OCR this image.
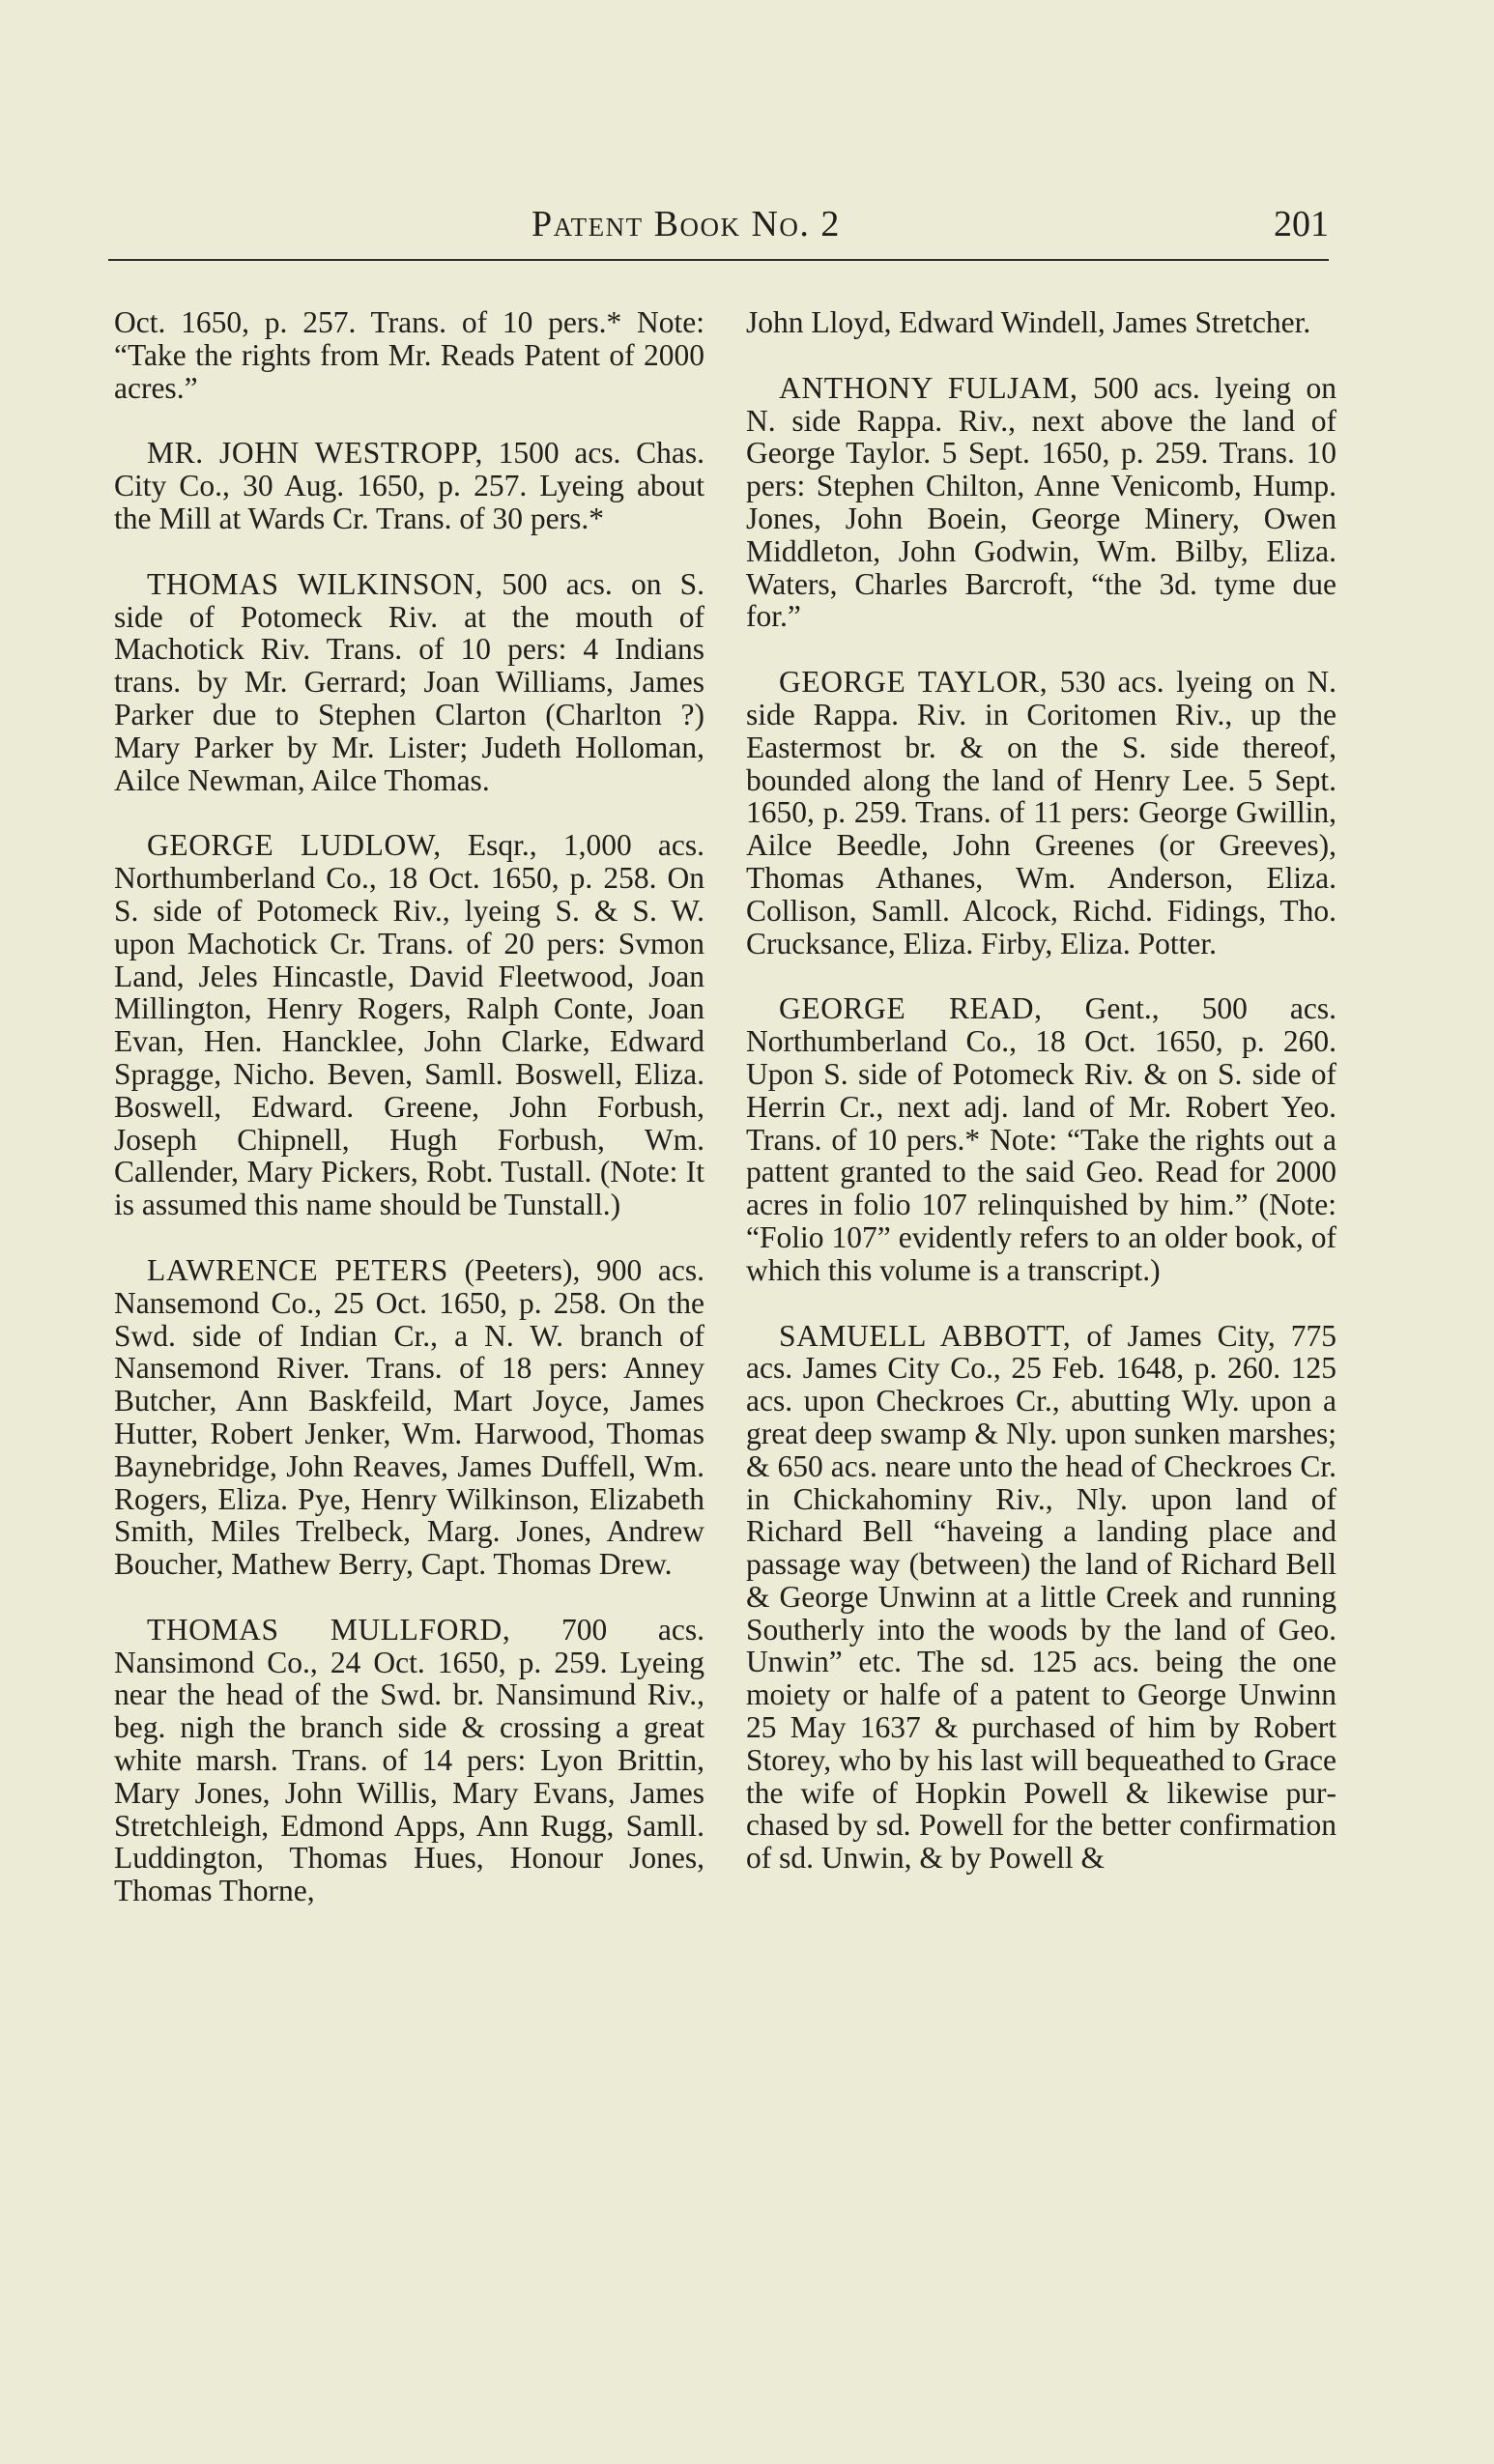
Patent Book No. 2	201

Oct. 1650, p. 257. Trans. of 10 pers.* Note: “Take the rights from Mr. Reads Patent of 2000 acres.”

MR. JOHN WESTROPP, 1500 acs. Chas. City Co., 30 Aug. 1650, p. 257. Lyeing about the Mill at Wards Cr. Trans. of 30 pers.*

THOMAS WILKINSON, 500 acs. on S. side of Potomeck Riv. at the mouth of Machotick Riv. Trans. of 10 pers: 4 Indians trans. by Mr. Gerrard; Joan Williams, James Parker due to Stephen Clarton (Charlton ?) Mary Parker by Mr. Lister; Judeth Holloman, Ailce Newman, Ailce Thomas.

GEORGE LUDLOW, Esqr., 1,000 acs. Northumberland Co., 18 Oct. 1650, p. 258. On S. side of Potomeck Riv., lyeing S. & S. W. upon Machotick Cr. Trans. of 20 pers: Svmon Land, Jeles Hincastle, David Fleetwood, Joan Millington, Henry Rogers, Ralph Conte, Joan Evan, Hen. Hancklee, John Clarke, Edward Spragge, Nicho. Beven, Samll. Boswell, Eliza. Boswell, Edward. Greene, John Forbush, Joseph Chipnell, Hugh Forbush, Wm. Callender, Mary Pickers, Robt. Tustall. (Note: It is assumed this name should be Tunstall.)

LAWRENCE PETERS (Peeters), 900 acs. Nansemond Co., 25 Oct. 1650, p. 258. On the Swd. side of Indian Cr., a N. W. branch of Nansemond River. Trans. of 18 pers: Anney Butcher, Ann Baskfeild, Mart Joyce, James Hutter, Robert Jenker, Wm. Harwood, Thomas Baynebridge, John Reaves, James Duffell, Wm. Rogers, Eliza. Pye, Henry Wilkinson, Elizabeth Smith, Miles Trelbeck, Marg. Jones, Andrew Boucher, Mathew Berry, Capt. Thomas Drew.

THOMAS MULLFORD, 700 acs. Nansimond Co., 24 Oct. 1650, p. 259. Lyeing near the head of the Swd. br. Nansimund Riv., beg. nigh the branch side & crossing a great white marsh. Trans. of 14 pers: Lyon Brittin, Mary Jones, John Willis, Mary Evans, James Stretchleigh, Edmond Apps, Ann Rugg, Samll. Luddington, Thomas Hues, Honour Jones, Thomas Thorne,

John Lloyd, Edward Windell, James Stretcher.

ANTHONY FULJAM, 500 acs. lyeing on N. side Rappa. Riv., next above the land of George Taylor. 5 Sept. 1650, p. 259. Trans. 10 pers: Stephen Chilton, Anne Venicomb, Hump. Jones, John Boein, George Minery, Owen Middleton, John Godwin, Wm. Bilby, Eliza. Waters, Charles Barcroft, “the 3d. tyme due for.”

GEORGE TAYLOR, 530 acs. lyeing on N. side Rappa. Riv. in Coritomen Riv., up the Eastermost br. & on the S. side thereof, bounded along the land of Henry Lee. 5 Sept. 1650, p. 259. Trans. of 11 pers: George Gwillin, Ailce Beedle, John Greenes (or Greeves), Thomas Athanes, Wm. Anderson, Eliza. Collison, Samll. Alcock, Richd. Fidings, Tho. Crucksance, Eliza. Firby, Eliza. Potter.

GEORGE READ, Gent., 500 acs. Northumberland Co., 18 Oct. 1650, p. 260. Upon S. side of Potomeck Riv. & on S. side of Herrin Cr., next adj. land of Mr. Robert Yeo. Trans. of 10 pers.* Note: “Take the rights out a pattent granted to the said Geo. Read for 2000 acres in folio 107 relinquished by him.” (Note: “Folio 107” evidently refers to an older book, of which this volume is a transcript.)

SAMUELL ABBOTT, of James City, 775 acs. James City Co., 25 Feb. 1648, p. 260. 125 acs. upon Checkroes Cr., abutting Wly. upon a great deep swamp & Nly. upon sunken marshes; & 650 acs. neare unto the head of Checkroes Cr. in Chickahominy Riv., Nly. upon land of Richard Bell “haveing a landing place and passage way (between) the land of Richard Bell & George Unwinn at a little Creek and running Southerly into the woods by the land of Geo. Unwin” etc. The sd. 125 acs. being the one moiety or halfe of a patent to George Unwinn 25 May 1637 & purchased of him by Robert Storey, who by his last will bequeathed to Grace the wife of Hopkin Powell & likewise purchased by sd. Powell for the better confirmation of sd. Unwin, & by Powell &
